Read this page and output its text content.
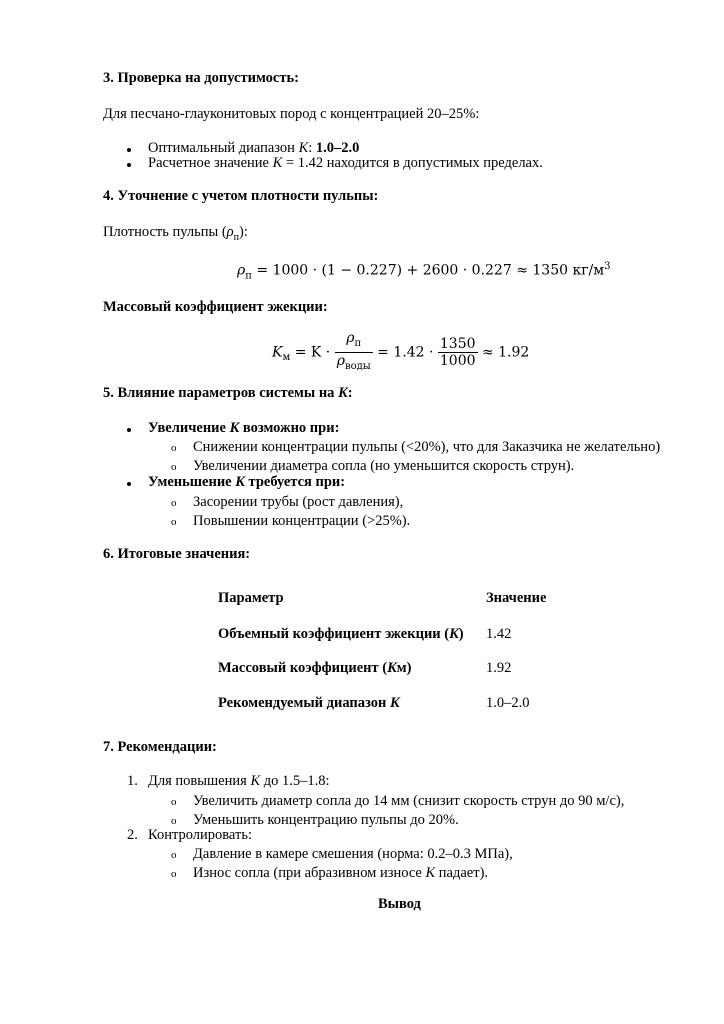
3. Проверка на допустимость:
Для песчано-глауконитовых пород с концентрацией 20–25%:
Оптимальный диапазон K: 1.0–2.0
Расчетное значение K = 1.42 находится в допустимых пределах.
4. Уточнение с учетом плотности пульпы:
Плотность пульпы $(\rho_п)$:
$\rho_п = 1000 \cdot (1 - 0.227) + 2600 \cdot 0.227 \approx 1350$ $кг/м^3$
Массовый коэффициент эжекции:
$K_м = K \cdot \frac{\rho_п}{\rho_{воды}} = 1.42 \cdot \frac{1350}{1000} \approx 1.92$
5. Влияние параметров системы на K:
Увеличение K возможно при:
o Снижении концентрации пульпы (<20%), что для Заказчика не желательно)
o Увеличении диаметра сопла (но уменьшится скорость струн).
Уменьшение K требуется при:
o Засорении трубы (рост давления),
o Повышении концентрации (>25%).
6. Итоговые значения:
Параметр	Значение
Объемный коэффициент эжекции (K) 1.42
Массовый коэффициент (Kм)	1.92
Рекомендуемый диапазон K	1.0–2.0
7. Рекомендации:
1. Для повышения K до 1.5–1.8:
o Увеличить диаметр сопла до 14 мм (снизит скорость струн до 90 м/с),
o Уменьшить концентрацию пульпы до 20%.
2. Контролировать:
o Давление в камере смешения (норма: 0.2–0.3 МПа),
o Износ сопла (при абразивном износе K падает).
Вывод
